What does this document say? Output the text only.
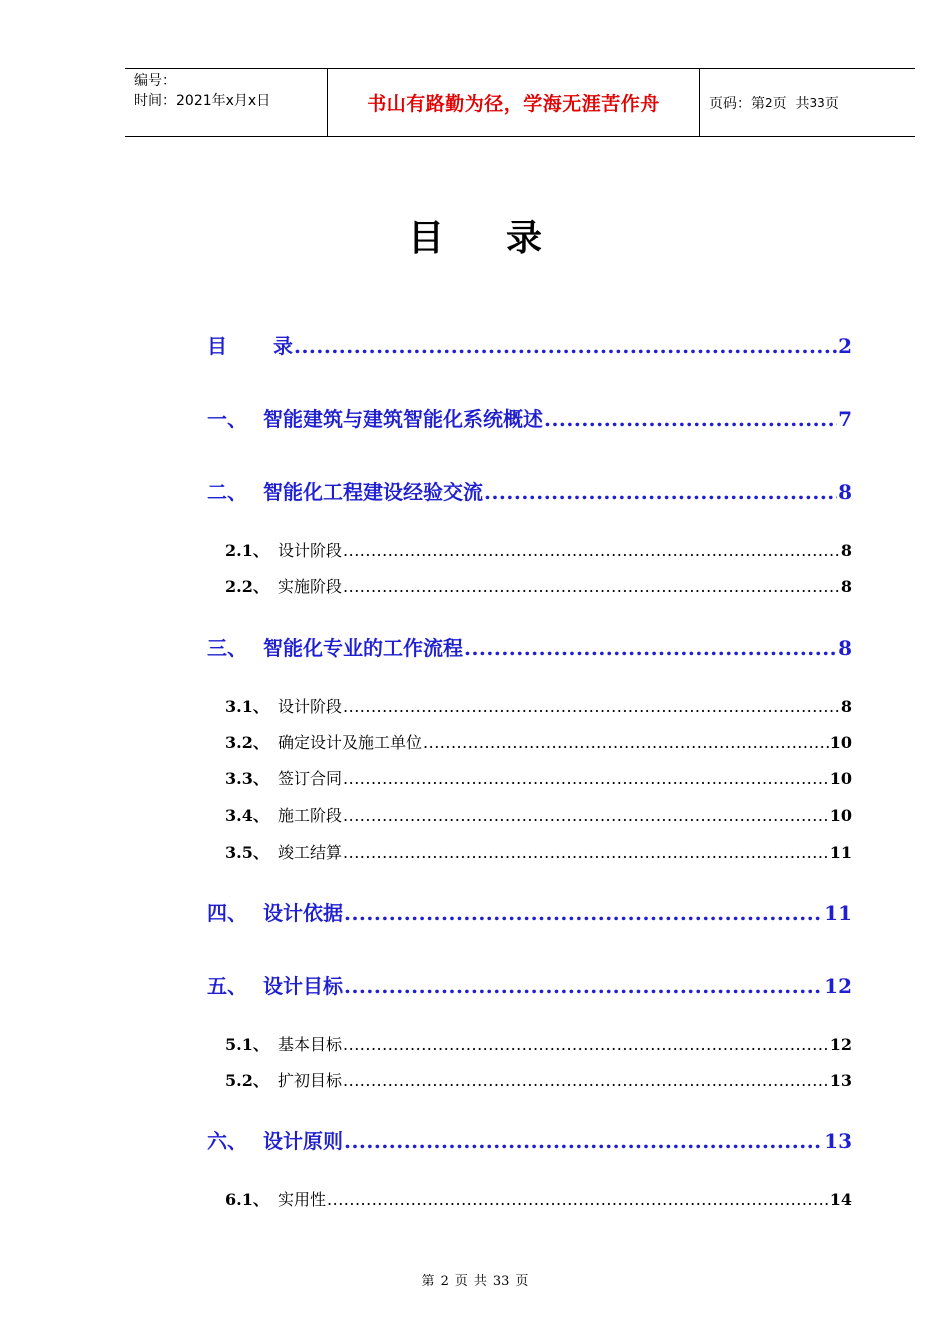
编号：
时间：2021年x月x日	书山有路勤为径，学海无涯苦作舟	页码：第 2 页  共 33 页
目 录
目	录 .....	2
一、 智能建筑与建筑智能化系统概述 .....	7
二、 智能化工程建设经验交流 .....	8
2.1、 设计阶段 .....	8
2.2、 实施阶段 .....	8
三、 智能化专业的工作流程 .....	8
3.1、 设计阶段 .....	8
3.2、 确定设计及施工单位 .....	10
3.3、 签订合同 .....	10
3.4、 施工阶段 .....	10
3.5、 竣工结算 .....	11
四、 设计依据 .....	11
五、 设计目标 .....	12
5.1、 基本目标 .....	12
5.2、 扩初目标 .....	13
六、 设计原则 .....	13
6.1、 实用性 .....	14
第 2 页 共 33 页
